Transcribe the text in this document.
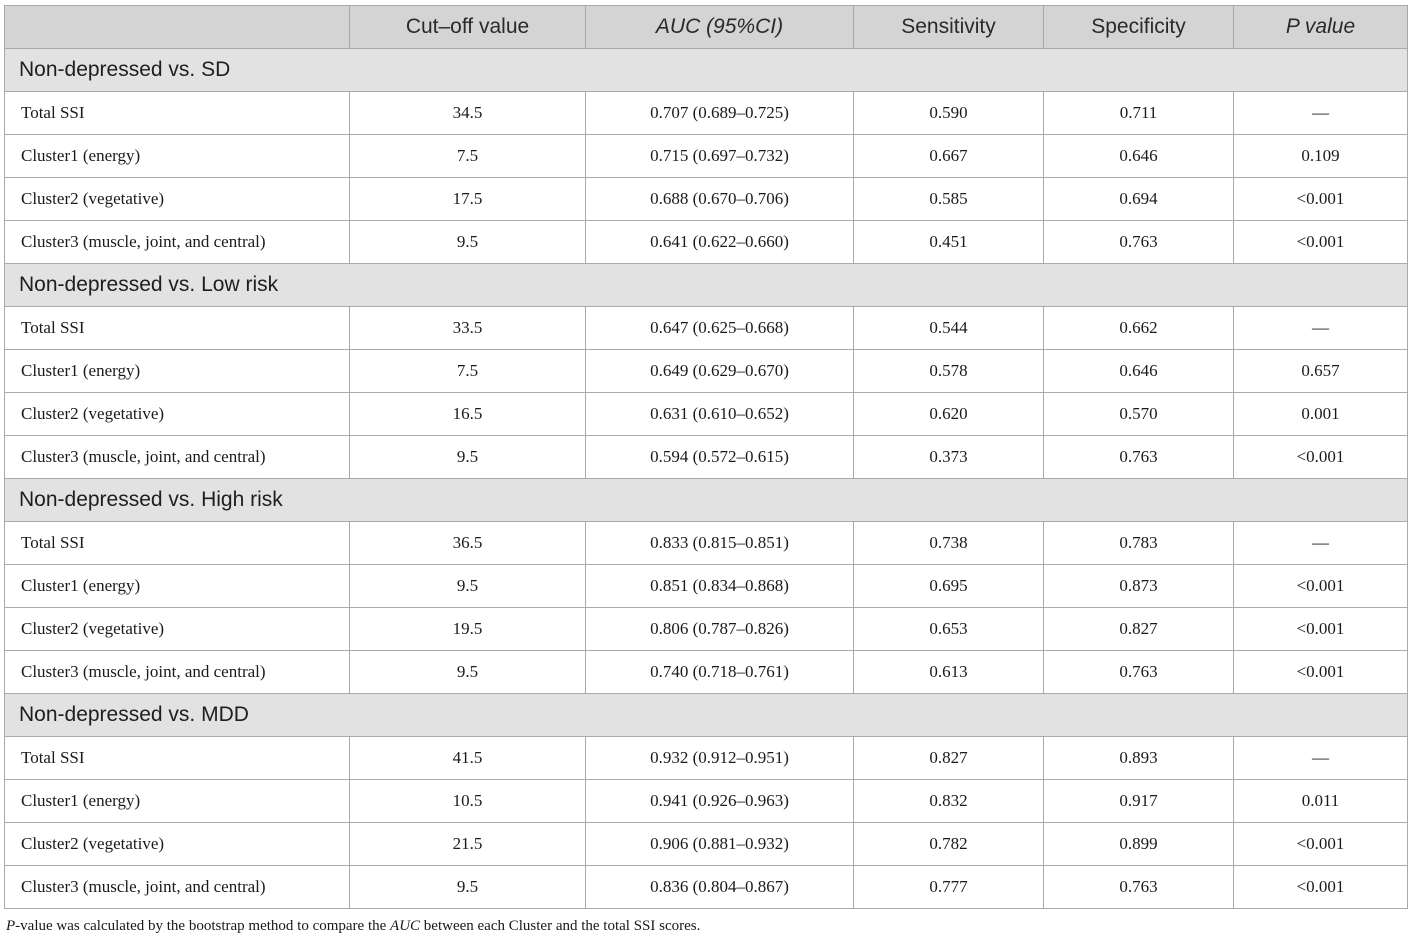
	Cut–off value	AUC (95%CI)	Sensitivity	Specificity	P value
Non-depressed vs. SD					
Total SSI	34.5	0.707 (0.689–0.725)	0.590	0.711	—
Cluster1 (energy)	7.5	0.715 (0.697–0.732)	0.667	0.646	0.109
Cluster2 (vegetative)	17.5	0.688 (0.670–0.706)	0.585	0.694	<0.001
Cluster3 (muscle, joint, and central)	9.5	0.641 (0.622–0.660)	0.451	0.763	<0.001
Non-depressed vs. Low risk					
Total SSI	33.5	0.647 (0.625–0.668)	0.544	0.662	—
Cluster1 (energy)	7.5	0.649 (0.629–0.670)	0.578	0.646	0.657
Cluster2 (vegetative)	16.5	0.631 (0.610–0.652)	0.620	0.570	0.001
Cluster3 (muscle, joint, and central)	9.5	0.594 (0.572–0.615)	0.373	0.763	<0.001
Non-depressed vs. High risk					
Total SSI	36.5	0.833 (0.815–0.851)	0.738	0.783	—
Cluster1 (energy)	9.5	0.851 (0.834–0.868)	0.695	0.873	<0.001
Cluster2 (vegetative)	19.5	0.806 (0.787–0.826)	0.653	0.827	<0.001
Cluster3 (muscle, joint, and central)	9.5	0.740 (0.718–0.761)	0.613	0.763	<0.001
Non-depressed vs. MDD					
Total SSI	41.5	0.932 (0.912–0.951)	0.827	0.893	—
Cluster1 (energy)	10.5	0.941 (0.926–0.963)	0.832	0.917	0.011
Cluster2 (vegetative)	21.5	0.906 (0.881–0.932)	0.782	0.899	<0.001
Cluster3 (muscle, joint, and central)	9.5	0.836 (0.804–0.867)	0.777	0.763	<0.001
P-value was calculated by the bootstrap method to compare the AUC between each Cluster and the total SSI scores.
